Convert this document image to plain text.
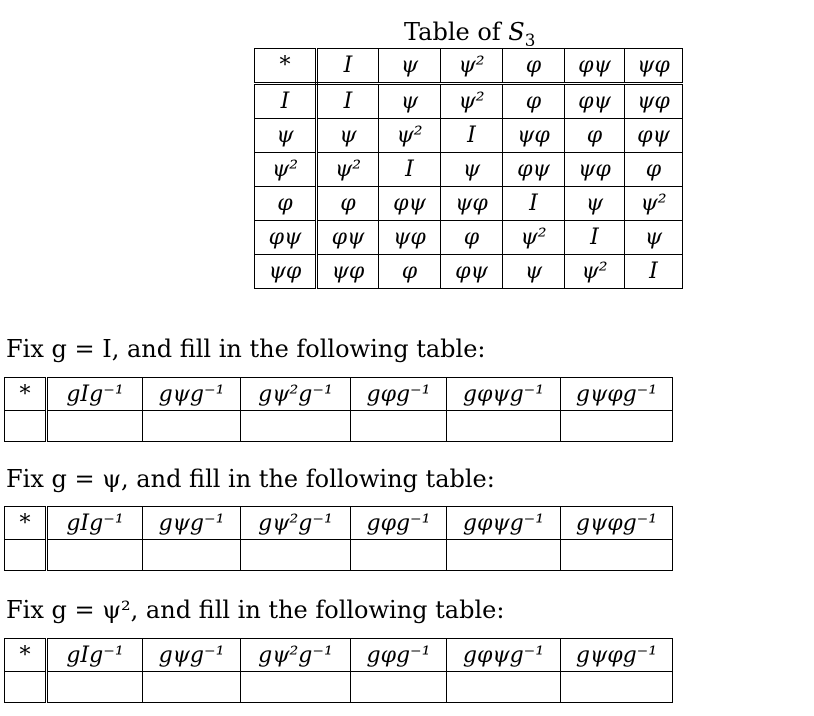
Table of $S_3$
*	I	ψ	ψ²	φ	φψ	ψφ
I	I	ψ	ψ²	φ	φψ	ψφ
ψ	ψ	ψ²	I	ψφ	φ	φψ
ψ²	ψ²	I	ψ	φψ	ψφ	φ
φ	φ	φψ	ψφ	I	ψ	ψ²
φψ	φψ	ψφ	φ	ψ²	I	ψ
ψφ	ψφ	φ	φψ	ψ	ψ²	I
Fix g = I, and fill in the following table:
*	gIg⁻¹	gψg⁻¹	gψ²g⁻¹	gφg⁻¹	gφψg⁻¹	gψφg⁻¹

Fix g = ψ, and fill in the following table:
*	gIg⁻¹	gψg⁻¹	gψ²g⁻¹	gφg⁻¹	gφψg⁻¹	gψφg⁻¹

Fix g = ψ², and fill in the following table:
*	gIg⁻¹	gψg⁻¹	gψ²g⁻¹	gφg⁻¹	gφψg⁻¹	gψφg⁻¹
